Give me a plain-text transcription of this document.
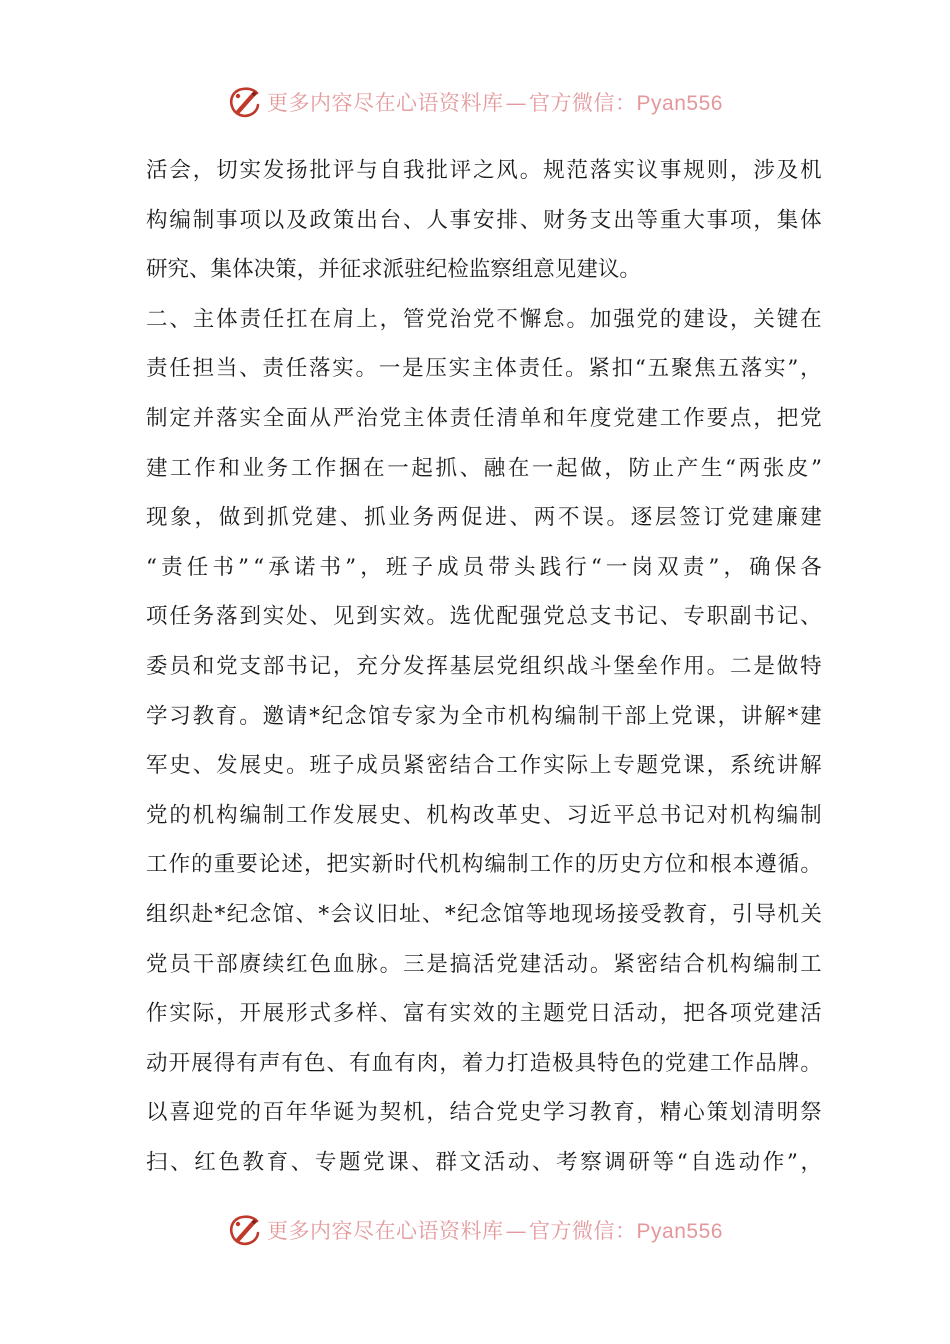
更多内容尽在心语资料库—官方微信：Pyan556
活 会 ， 切 实 发 扬 批 评 与 自 我 批 评 之 风 。 规 范 落 实 议 事 规 则 ， 涉 及 机
构 编 制 事 项 以 及 政 策 出 台 、 人 事 安 排 、 财 务 支 出 等 重 大 事 项 ， 集 体
研 究 、 集 体 决 策 ， 并 征 求 派 驻 纪 检 监 察 组 意 见 建 议 。
二 、 主 体 责 任 扛 在 肩 上 ， 管 党 治 党 不 懈 怠 。 加 强 党 的 建 设 ， 关 键 在
责 任 担 当 、 责 任 落 实 。 一 是 压 实 主 体 责 任 。 紧 扣 “ 五 聚 焦 五 落 实 ” ，
制 定 并 落 实 全 面 从 严 治 党 主 体 责 任 清 单 和 年 度 党 建 工 作 要 点 ， 把 党
建 工 作 和 业 务 工 作 捆 在 一 起 抓 、 融 在 一 起 做 ， 防 止 产 生 “ 两 张 皮 ”
现 象 ， 做 到 抓 党 建 、 抓 业 务 两 促 进 、 两 不 误 。 逐 层 签 订 党 建 廉 建
“ 责 任 书 ” “ 承 诺 书 ” ， 班 子 成 员 带 头 践 行 “ 一 岗 双 责 ” ， 确 保 各
项 任 务 落 到 实 处 、 见 到 实 效 。 选 优 配 强 党 总 支 书 记 、 专 职 副 书 记 、
委 员 和 党 支 部 书 记 ， 充 分 发 挥 基 层 党 组 织 战 斗 堡 垒 作 用 。 二 是 做 特
学 习 教 育 。 邀 请 * 纪 念 馆 专 家 为 全 市 机 构 编 制 干 部 上 党 课 ， 讲 解 * 建
军 史 、 发 展 史 。 班 子 成 员 紧 密 结 合 工 作 实 际 上 专 题 党 课 ， 系 统 讲 解
党 的 机 构 编 制 工 作 发 展 史 、 机 构 改 革 史 、 习 近 平 总 书 记 对 机 构 编 制
工 作 的 重 要 论 述 ， 把 实 新 时 代 机 构 编 制 工 作 的 历 史 方 位 和 根 本 遵 循 。
组 织 赴 * 纪 念 馆 、 * 会 议 旧 址 、 * 纪 念 馆 等 地 现 场 接 受 教 育 ， 引 导 机 关
党 员 干 部 赓 续 红 色 血 脉 。 三 是 搞 活 党 建 活 动 。 紧 密 结 合 机 构 编 制 工
作 实 际 ， 开 展 形 式 多 样 、 富 有 实 效 的 主 题 党 日 活 动 ， 把 各 项 党 建 活
动 开 展 得 有 声 有 色 、 有 血 有 肉 ， 着 力 打 造 极 具 特 色 的 党 建 工 作 品 牌 。
以 喜 迎 党 的 百 年 华 诞 为 契 机 ， 结 合 党 史 学 习 教 育 ， 精 心 策 划 清 明 祭
扫 、 红 色 教 育 、 专 题 党 课 、 群 文 活 动 、 考 察 调 研 等 “ 自 选 动 作 ” ，
更多内容尽在心语资料库—官方微信：Pyan556
